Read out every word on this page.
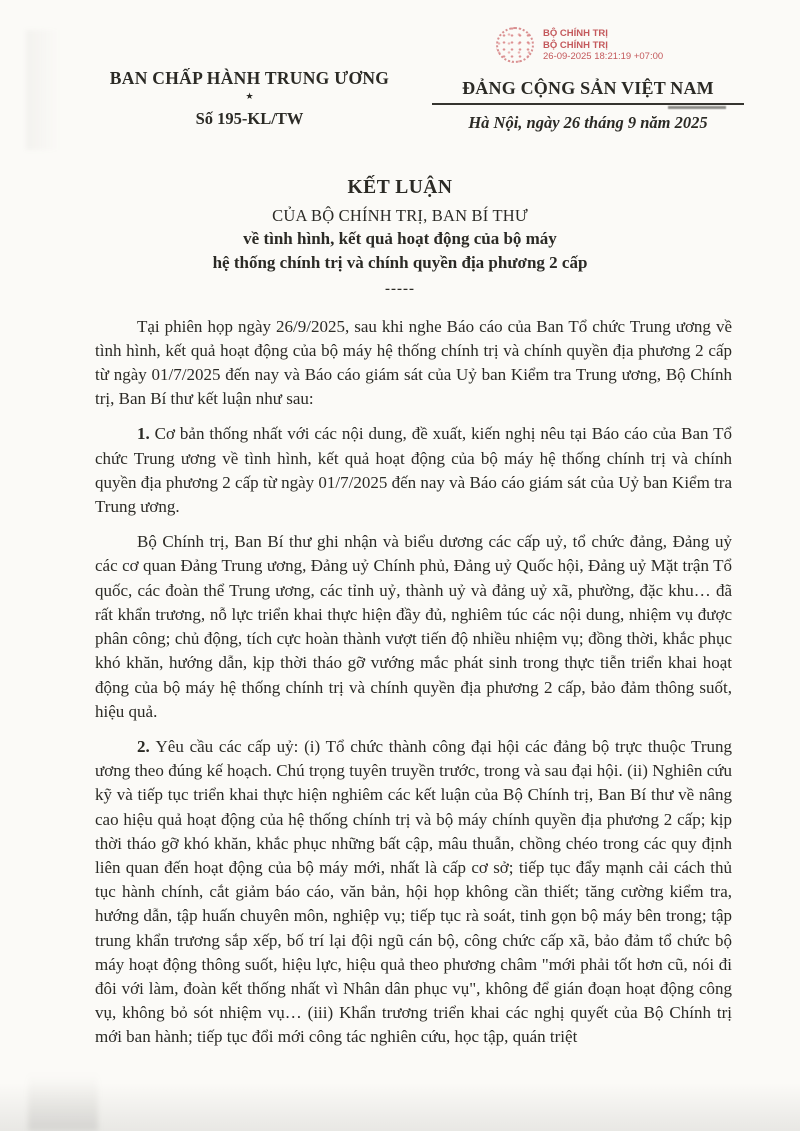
BAN CHẤP HÀNH TRUNG ƯƠNG
★
Số 195-KL/TW
BỘ CHÍNH TRỊ
BỘ CHÍNH TRỊ
26-09-2025 18:21:19 +07:00
ĐẢNG CỘNG SẢN VIỆT NAM
Hà Nội, ngày 26 tháng 9 năm 2025
KẾT LUẬN
CỦA BỘ CHÍNH TRỊ, BAN BÍ THƯ
về tình hình, kết quả hoạt động của bộ máy
hệ thống chính trị và chính quyền địa phương 2 cấp
-----

Tại phiên họp ngày 26/9/2025, sau khi nghe Báo cáo của Ban Tổ chức Trung ương về tình hình, kết quả hoạt động của bộ máy hệ thống chính trị và chính quyền địa phương 2 cấp từ ngày 01/7/2025 đến nay và Báo cáo giám sát của Uỷ ban Kiểm tra Trung ương, Bộ Chính trị, Ban Bí thư kết luận như sau:

1. Cơ bản thống nhất với các nội dung, đề xuất, kiến nghị nêu tại Báo cáo của Ban Tổ chức Trung ương về tình hình, kết quả hoạt động của bộ máy hệ thống chính trị và chính quyền địa phương 2 cấp từ ngày 01/7/2025 đến nay và Báo cáo giám sát của Uỷ ban Kiểm tra Trung ương.

Bộ Chính trị, Ban Bí thư ghi nhận và biểu dương các cấp uỷ, tổ chức đảng, Đảng uỷ các cơ quan Đảng Trung ương, Đảng uỷ Chính phủ, Đảng uỷ Quốc hội, Đảng uỷ Mặt trận Tổ quốc, các đoàn thể Trung ương, các tỉnh uỷ, thành uỷ và đảng uỷ xã, phường, đặc khu… đã rất khẩn trương, nỗ lực triển khai thực hiện đầy đủ, nghiêm túc các nội dung, nhiệm vụ được phân công; chủ động, tích cực hoàn thành vượt tiến độ nhiều nhiệm vụ; đồng thời, khắc phục khó khăn, hướng dẫn, kịp thời tháo gỡ vướng mắc phát sinh trong thực tiễn triển khai hoạt động của bộ máy hệ thống chính trị và chính quyền địa phương 2 cấp, bảo đảm thông suốt, hiệu quả.

2. Yêu cầu các cấp uỷ: (i) Tổ chức thành công đại hội các đảng bộ trực thuộc Trung ương theo đúng kế hoạch. Chú trọng tuyên truyền trước, trong và sau đại hội. (ii) Nghiên cứu kỹ và tiếp tục triển khai thực hiện nghiêm các kết luận của Bộ Chính trị, Ban Bí thư về nâng cao hiệu quả hoạt động của hệ thống chính trị và bộ máy chính quyền địa phương 2 cấp; kịp thời tháo gỡ khó khăn, khắc phục những bất cập, mâu thuẫn, chồng chéo trong các quy định liên quan đến hoạt động của bộ máy mới, nhất là cấp cơ sở; tiếp tục đẩy mạnh cải cách thủ tục hành chính, cắt giảm báo cáo, văn bản, hội họp không cần thiết; tăng cường kiểm tra, hướng dẫn, tập huấn chuyên môn, nghiệp vụ; tiếp tục rà soát, tinh gọn bộ máy bên trong; tập trung khẩn trương sắp xếp, bố trí lại đội ngũ cán bộ, công chức cấp xã, bảo đảm tổ chức bộ máy hoạt động thông suốt, hiệu lực, hiệu quả theo phương châm "mới phải tốt hơn cũ, nói đi đôi với làm, đoàn kết thống nhất vì Nhân dân phục vụ", không để gián đoạn hoạt động công vụ, không bỏ sót nhiệm vụ… (iii) Khẩn trương triển khai các nghị quyết của Bộ Chính trị mới ban hành; tiếp tục đổi mới công tác nghiên cứu, học tập, quán triệt
